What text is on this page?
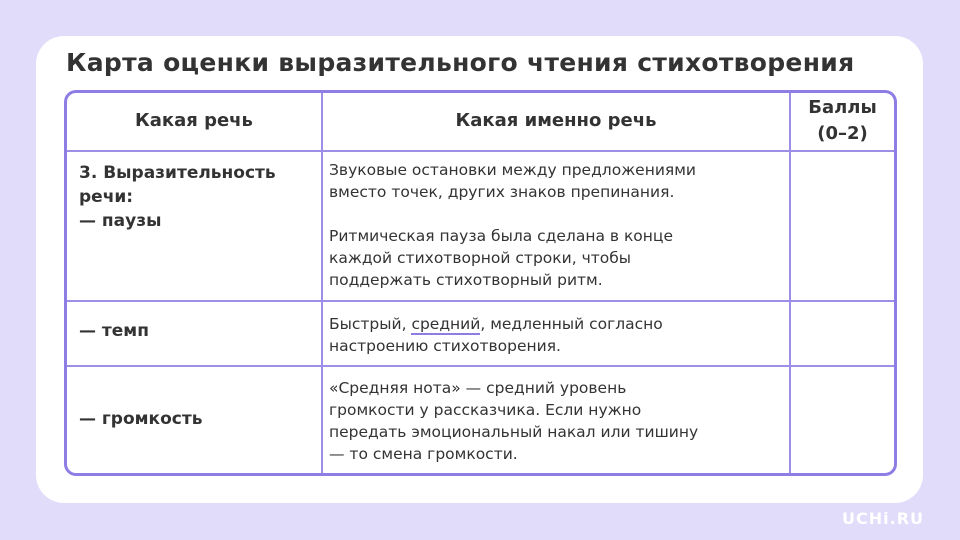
Карта оценки выразительного чтения стихотворения
Какая речь	Какая именно речь
Баллы
(0–2)
3. Выразительность
речи:
— паузы

Звуковые остановки между предложениями
вместо точек, других знаков препинания.

Ритмическая пауза была сделана в конце
каждой стихотворной строки, чтобы
поддержать стихотворный ритм.

— темп	Быстрый, средний, медленный согласно
настроению стихотворения.
— громкость
«Средняя нота» — средний уровень
громкости у рассказчика. Если нужно
передать эмоциональный накал или тишину
— то смена громкости.
UCHi.RU
